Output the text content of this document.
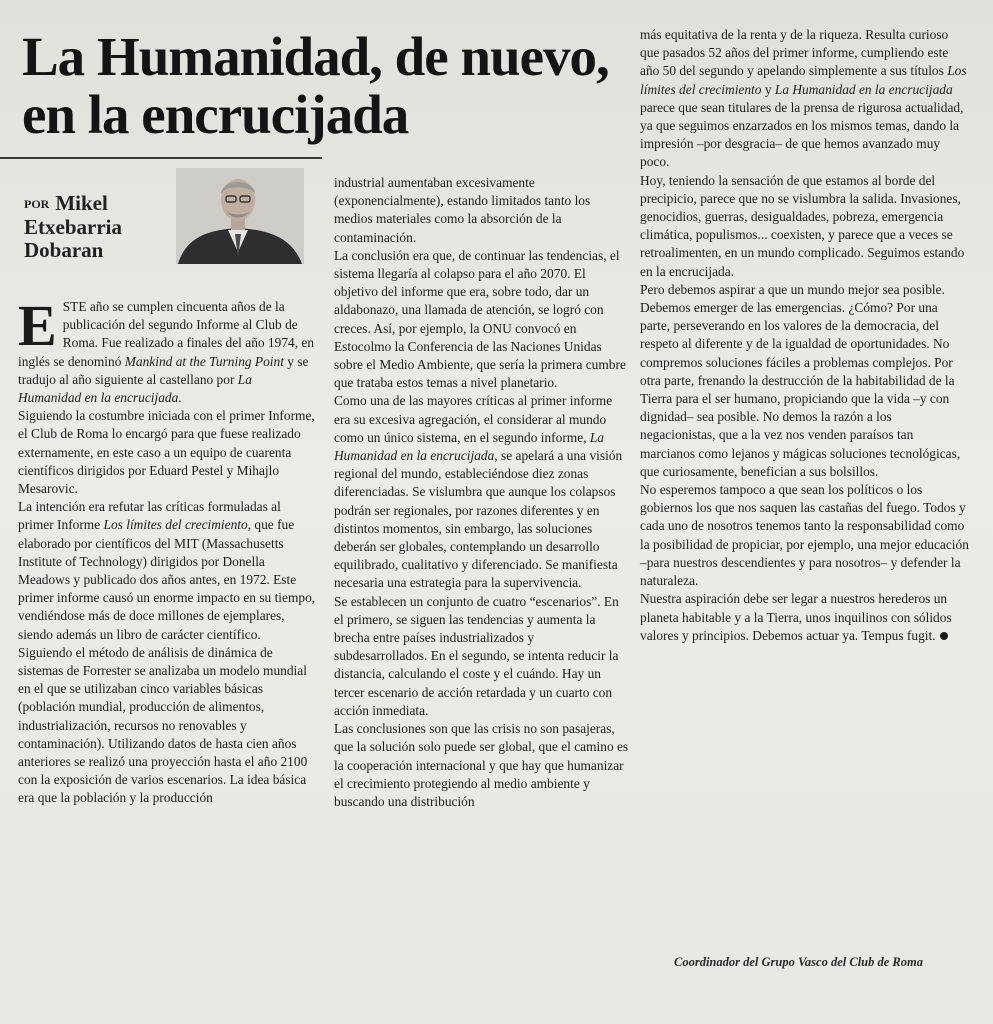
La Humanidad, de nuevo, en la encrucijada
POR Mikel
Etxebarria
Dobaran

ESTE año se cumplen cincuenta años de la publicación del segundo Informe al Club de Roma. Fue realizado a finales del año 1974, en inglés se denominó Mankind at the Turning Point y se tradujo al año siguiente al castellano por La Humanidad en la encrucijada.

Siguiendo la costumbre iniciada con el primer Informe, el Club de Roma lo encargó para que fuese realizado externamente, en este caso a un equipo de cuarenta científicos dirigidos por Eduard Pestel y Mihajlo Mesarovic.

La intención era refutar las críticas formuladas al primer Informe Los límites del crecimiento, que fue elaborado por científicos del MIT (Massachusetts Institute of Technology) dirigidos por Donella Meadows y publicado dos años antes, en 1972. Este primer informe causó un enorme impacto en su tiempo, vendiéndose más de doce millones de ejemplares, siendo además un libro de carácter científico.

Siguiendo el método de análisis de dinámica de sistemas de Forrester se analizaba un modelo mundial en el que se utilizaban cinco variables básicas (población mundial, producción de alimentos, industrialización, recursos no renovables y contaminación). Utilizando datos de hasta cien años anteriores se realizó una proyección hasta el año 2100 con la exposición de varios escenarios. La idea básica era que la población y la producción

industrial aumentaban excesivamente (exponencialmente), estando limitados tanto los medios materiales como la absorción de la contaminación.

La conclusión era que, de continuar las tendencias, el sistema llegaría al colapso para el año 2070. El objetivo del informe que era, sobre todo, dar un aldabonazo, una llamada de atención, se logró con creces. Así, por ejemplo, la ONU convocó en Estocolmo la Conferencia de las Naciones Unidas sobre el Medio Ambiente, que sería la primera cumbre que trataba estos temas a nivel planetario.

Como una de las mayores críticas al primer informe era su excesiva agregación, el considerar al mundo como un único sistema, en el segundo informe, La Humanidad en la encrucijada, se apelará a una visión regional del mundo, estableciéndose diez zonas diferenciadas. Se vislumbra que aunque los colapsos podrán ser regionales, por razones diferentes y en distintos momentos, sin embargo, las soluciones deberán ser globales, contemplando un desarrollo equilibrado, cualitativo y diferenciado. Se manifiesta necesaria una estrategia para la supervivencia.

Se establecen un conjunto de cuatro “escenarios”. En el primero, se siguen las tendencias y aumenta la brecha entre países industrializados y subdesarrollados. En el segundo, se intenta reducir la distancia, calculando el coste y el cuándo. Hay un tercer escenario de acción retardada y un cuarto con acción inmediata.

Las conclusiones son que las crisis no son pasajeras, que la solución solo puede ser global, que el camino es la cooperación internacional y que hay que humanizar el crecimiento protegiendo al medio ambiente y buscando una distribución

más equitativa de la renta y de la riqueza. Resulta curioso que pasados 52 años del primer informe, cumpliendo este año 50 del segundo y apelando simplemente a sus títulos Los límites del crecimiento y La Humanidad en la encrucijada parece que sean titulares de la prensa de rigurosa actualidad, ya que seguimos enzarzados en los mismos temas, dando la impresión –por desgracia– de que hemos avanzado muy poco.

Hoy, teniendo la sensación de que estamos al borde del precipicio, parece que no se vislumbra la salida. Invasiones, genocidios, guerras, desigualdades, pobreza, emergencia climática, populismos... coexisten, y parece que a veces se retroalimenten, en un mundo complicado. Seguimos estando en la encrucijada.

Pero debemos aspirar a que un mundo mejor sea posible. Debemos emerger de las emergencias. ¿Cómo? Por una parte, perseverando en los valores de la democracia, del respeto al diferente y de la igualdad de oportunidades. No compremos soluciones fáciles a problemas complejos. Por otra parte, frenando la destrucción de la habitabilidad de la Tierra para el ser humano, propiciando que la vida –y con dignidad– sea posible. No demos la razón a los negacionistas, que a la vez nos venden paraísos tan marcianos como lejanos y mágicas soluciones tecnológicas, que curiosamente, benefician a sus bolsillos.

No esperemos tampoco a que sean los políticos o los gobiernos los que nos saquen las castañas del fuego. Todos y cada uno de nosotros tenemos tanto la responsabilidad como la posibilidad de propiciar, por ejemplo, una mejor educación –para nuestros descendientes y para nosotros– y defender la naturaleza.

Nuestra aspiración debe ser legar a nuestros herederos un planeta habitable y a la Tierra, unos inquilinos con sólidos valores y principios. Debemos actuar ya. Tempus fugit.

Coordinador del Grupo Vasco del Club de Roma
